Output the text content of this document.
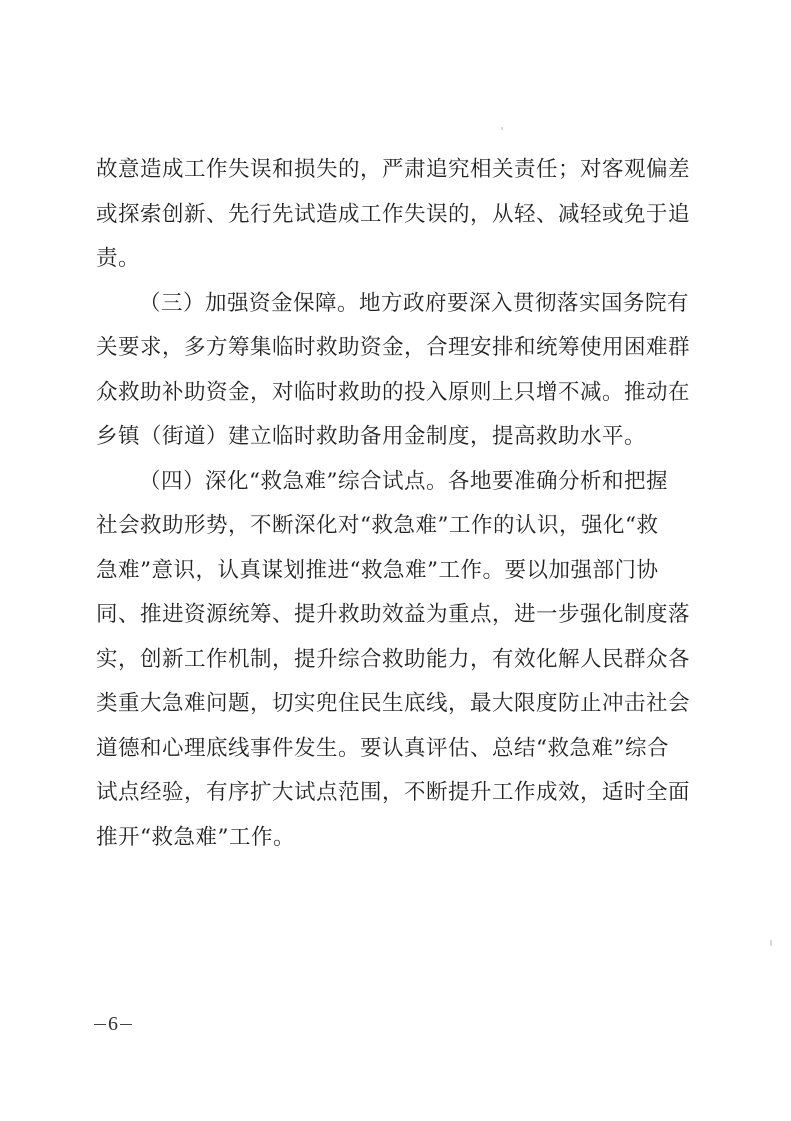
故意造成工作失误和损失的，严肃追究相关责任；对客观偏差
或探索创新、先行先试造成工作失误的，从轻、减轻或免于追
责。
（三）加强资金保障。地方政府要深入贯彻落实国务院有
关要求，多方筹集临时救助资金，合理安排和统筹使用困难群
众救助补助资金，对临时救助的投入原则上只增不减。推动在
乡镇（街道）建立临时救助备用金制度，提高救助水平。
（四）深化“救急难”综合试点。各地要准确分析和把握
社会救助形势，不断深化对“救急难”工作的认识，强化“救
急难”意识，认真谋划推进“救急难”工作。要以加强部门协
同、推进资源统筹、提升救助效益为重点，进一步强化制度落
实，创新工作机制，提升综合救助能力，有效化解人民群众各
类重大急难问题，切实兜住民生底线，最大限度防止冲击社会
道德和心理底线事件发生。要认真评估、总结“救急难”综合
试点经验，有序扩大试点范围，不断提升工作成效，适时全面
推开“救急难”工作。
6
